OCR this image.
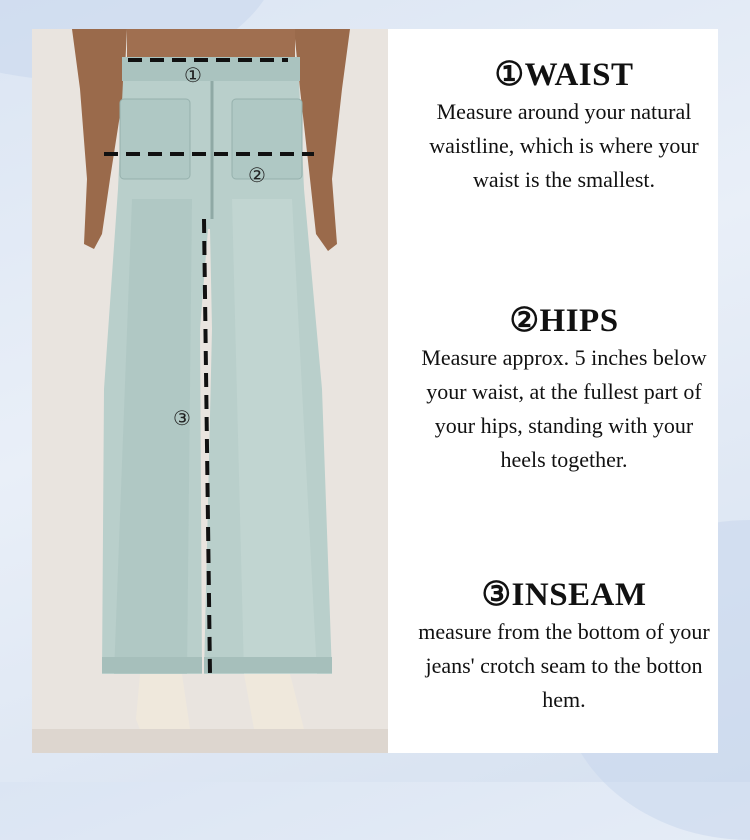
①
②
③
①WAIST
Measure around your natural waistline, which is where your waist is the smallest.
②HIPS
Measure approx. 5 inches below your waist, at the fullest part of your hips, standing with your heels together.
③INSEAM
measure from the bottom of your jeans' crotch seam to the botton hem.
